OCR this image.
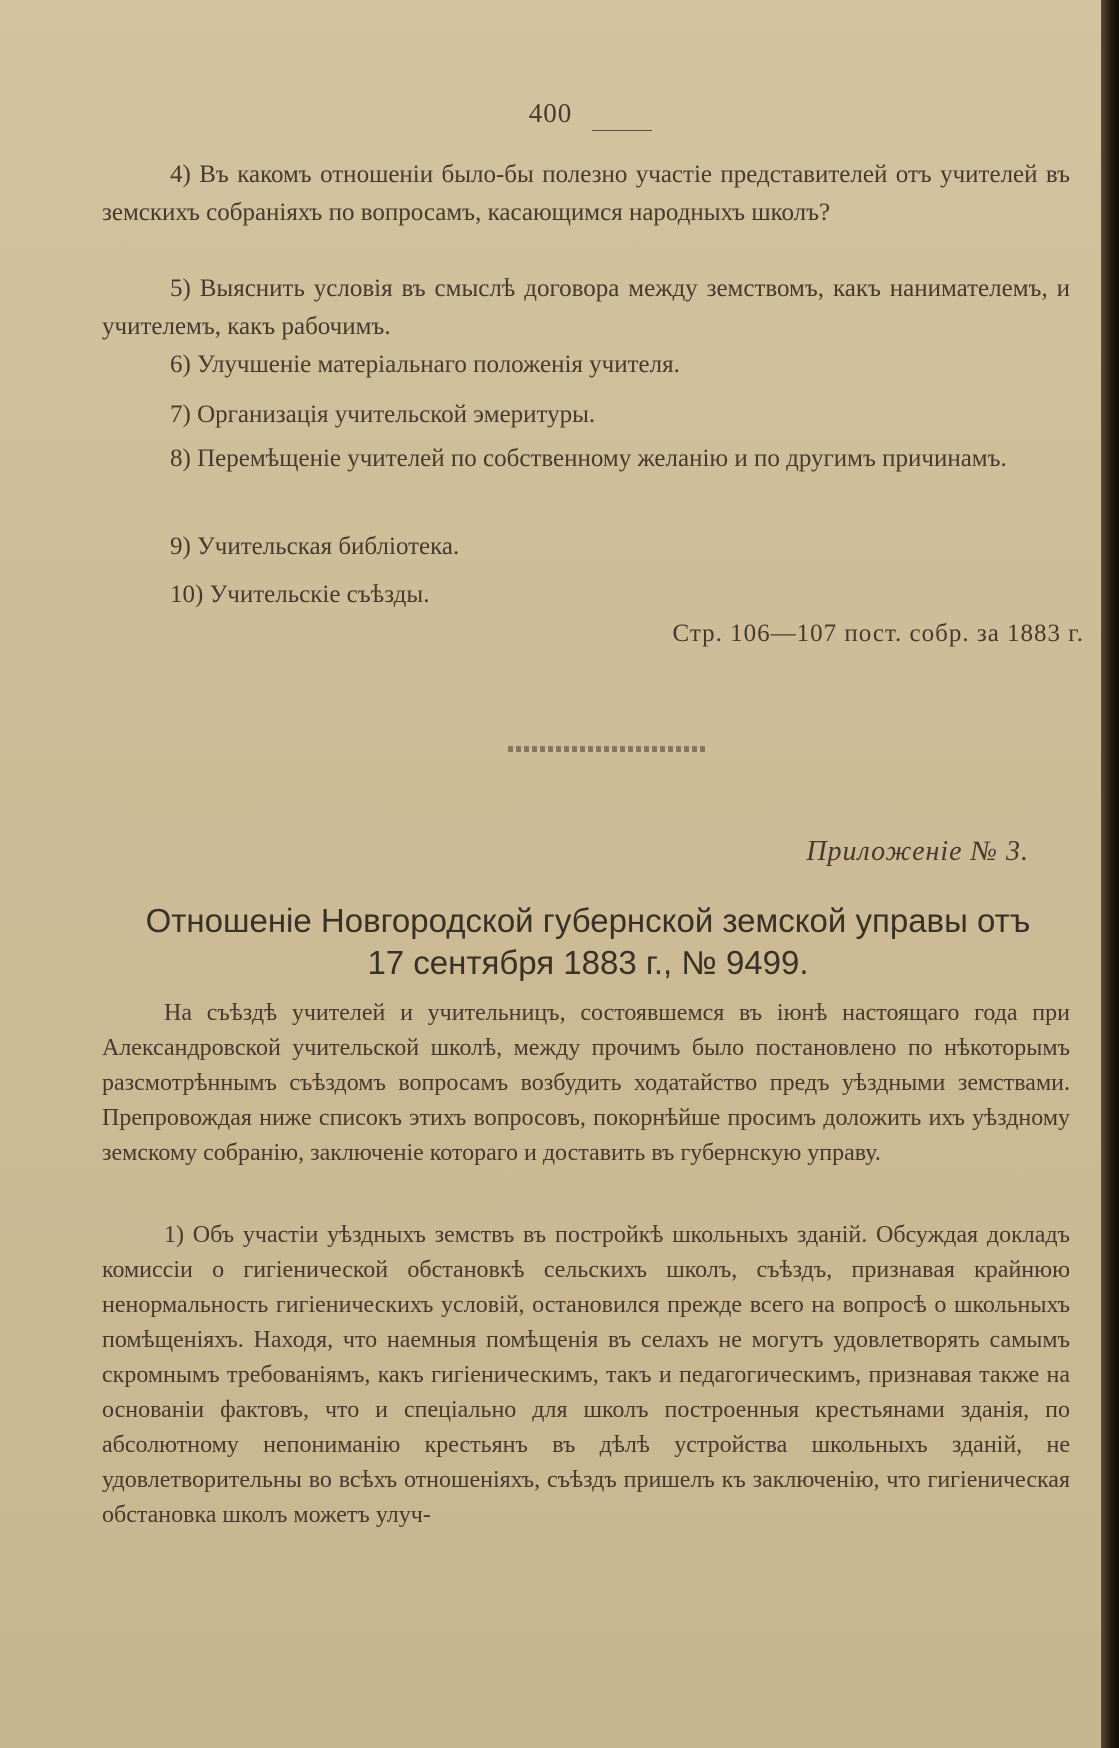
400
4) Въ какомъ отношеніи было-бы полезно участіе представителей отъ учителей въ земскихъ собраніяхъ по вопросамъ, касающимся народныхъ школъ?
5) Выяснить условія въ смыслѣ договора между земствомъ, какъ нанимателемъ, и учителемъ, какъ рабочимъ.
6) Улучшеніе матеріальнаго положенія учителя.
7) Организація учительской эмеритуры.
8) Перемѣщеніе учителей по собственному желанію и по другимъ причинамъ.
9) Учительская библіотека.
10) Учительскіе съѣзды.
Стр. 106—107 пост. собр. за 1883 г.
Приложеніе № 3.
Отношеніе Новгородской губернской земской управы отъ
17 сентября 1883 г., № 9499.
На съѣздѣ учителей и учительницъ, состоявшемся въ іюнѣ настоящаго года при Александровской учительской школѣ, между прочимъ было постановлено по нѣкоторымъ разсмотрѣннымъ съѣздомъ вопросамъ возбудить ходатайство предъ уѣздными земствами. Препровождая ниже списокъ этихъ вопросовъ, покорнѣйше просимъ доложить ихъ уѣздному земскому собранію, заключеніе котораго и доставить въ губернскую управу.
1) Объ участіи уѣздныхъ земствъ въ постройкѣ школьныхъ зданій. Обсуждая докладъ комиссіи о гигіенической обстановкѣ сельскихъ школъ, съѣздъ, признавая крайнюю ненормальность гигіеническихъ условій, остановился прежде всего на вопросѣ о школьныхъ помѣщеніяхъ. Находя, что наемныя помѣщенія въ селахъ не могутъ удовлетворять самымъ скромнымъ требованіямъ, какъ гигіеническимъ, такъ и педагогическимъ, признавая также на основаніи фактовъ, что и спеціально для школъ построенныя крестьянами зданія, по абсолютному непониманію крестьянъ въ дѣлѣ устройства школьныхъ зданій, не удовлетворительны во всѣхъ отношеніяхъ, съѣздъ пришелъ къ заключенію, что гигіеническая обстановка школъ можетъ улуч-
